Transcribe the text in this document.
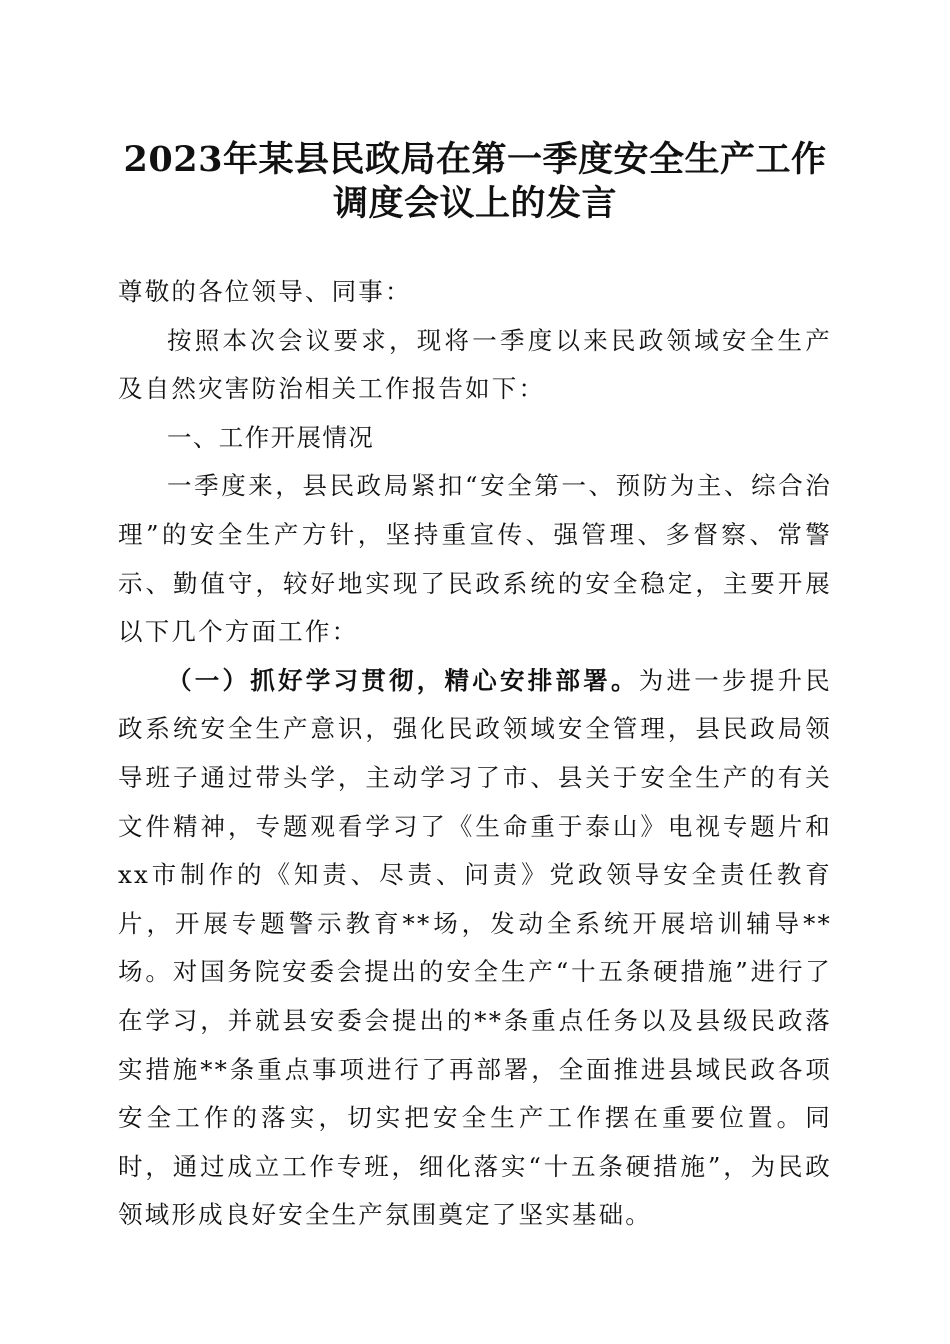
2023年某县民政局在第一季度安全生产工作
调度会议上的发言

尊敬的各位领导、同事：

按照本次会议要求，现将一季度以来民政领域安全生产及自然灾害防治相关工作报告如下：

一、工作开展情况

一季度来，县民政局紧扣“安全第一、预防为主、综合治理”的安全生产方针，坚持重宣传、强管理、多督察、常警示、勤值守，较好地实现了民政系统的安全稳定，主要开展以下几个方面工作：

（一）抓好学习贯彻，精心安排部署。为进一步提升民政系统安全生产意识，强化民政领域安全管理，县民政局领导班子通过带头学，主动学习了市、县关于安全生产的有关文件精神，专题观看学习了《生命重于泰山》电视专题片和xx市制作的《知责、尽责、问责》党政领导安全责任教育片，开展专题警示教育**场，发动全系统开展培训辅导**场。对国务院安委会提出的安全生产“十五条硬措施”进行了在学习，并就县安委会提出的**条重点任务以及县级民政落实措施**条重点事项进行了再部署，全面推进县域民政各项安全工作的落实，切实把安全生产工作摆在重要位置。同时，通过成立工作专班，细化落实“十五条硬措施”，为民政领域形成良好安全生产氛围奠定了坚实基础。
